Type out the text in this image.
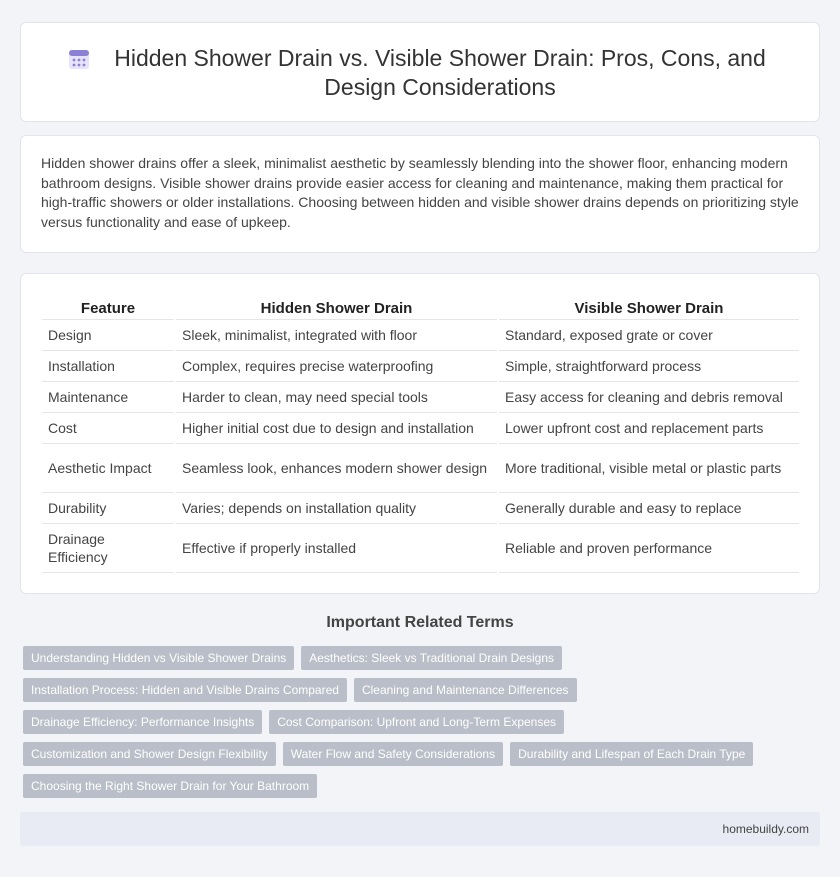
Hidden Shower Drain vs. Visible Shower Drain: Pros, Cons, and Design Considerations

Hidden shower drains offer a sleek, minimalist aesthetic by seamlessly blending into the shower floor, enhancing modern bathroom designs. Visible shower drains provide easier access for cleaning and maintenance, making them practical for high-traffic showers or older installations. Choosing between hidden and visible shower drains depends on prioritizing style versus functionality and ease of upkeep.

Feature	Hidden Shower Drain	Visible Shower Drain
Design	Sleek, minimalist, integrated with floor	Standard, exposed grate or cover
Installation	Complex, requires precise waterproofing	Simple, straightforward process
Maintenance	Harder to clean, may need special tools	Easy access for cleaning and debris removal
Cost	Higher initial cost due to design and installation	Lower upfront cost and replacement parts
Aesthetic Impact	Seamless look, enhances modern shower design	More traditional, visible metal or plastic parts
Durability	Varies; depends on installation quality	Generally durable and easy to replace
Drainage Efficiency	Effective if properly installed	Reliable and proven performance
Important Related Terms
Understanding Hidden vs Visible Shower Drains	Aesthetics: Sleek vs Traditional Drain Designs
Installation Process: Hidden and Visible Drains Compared	Cleaning and Maintenance Differences
Drainage Efficiency: Performance Insights	Cost Comparison: Upfront and Long-Term Expenses
Customization and Shower Design Flexibility	Water Flow and Safety Considerations	Durability and Lifespan of Each Drain Type
Choosing the Right Shower Drain for Your Bathroom
homebuildy.com
